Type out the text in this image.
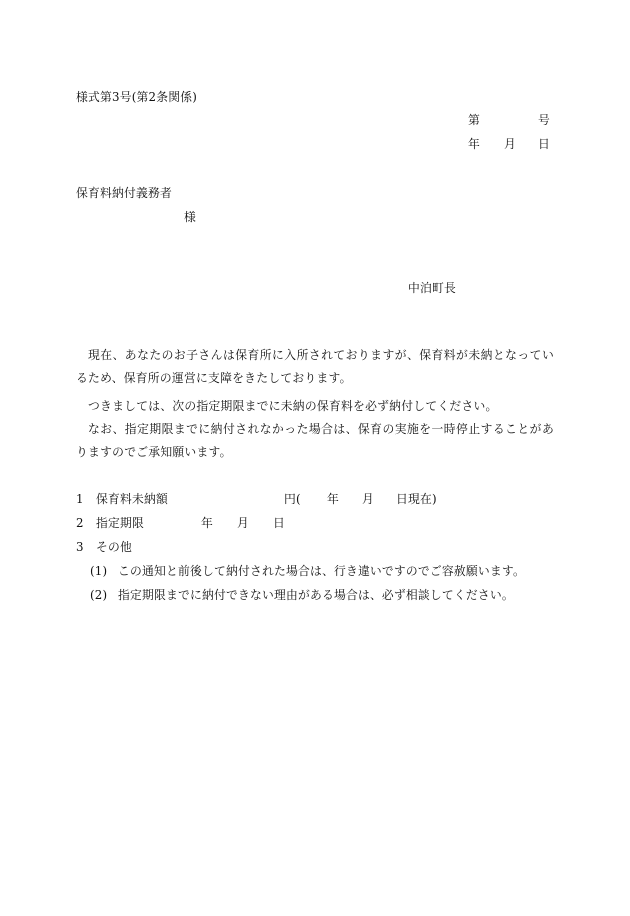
様式第3号(第2条関係)
第	号
年 月 日
保育料納付義務者
様
中泊町長
現在、あなたのお子さんは保育所に入所されておりますが、保育料が未納となっているため、保育所の運営に支障をきたしております。
つきましては、次の指定期限までに未納の保育料を必ず納付してください。
なお、指定期限までに納付されなかった場合は、保育の実施を一時停止することがありますのでご承知願います。
1 保育料未納額	円( 年 月 日現在)
2 指定期限	年 月 日
3 その他
(1) この通知と前後して納付された場合は、行き違いですのでご容赦願います。
(2) 指定期限までに納付できない理由がある場合は、必ず相談してください。
